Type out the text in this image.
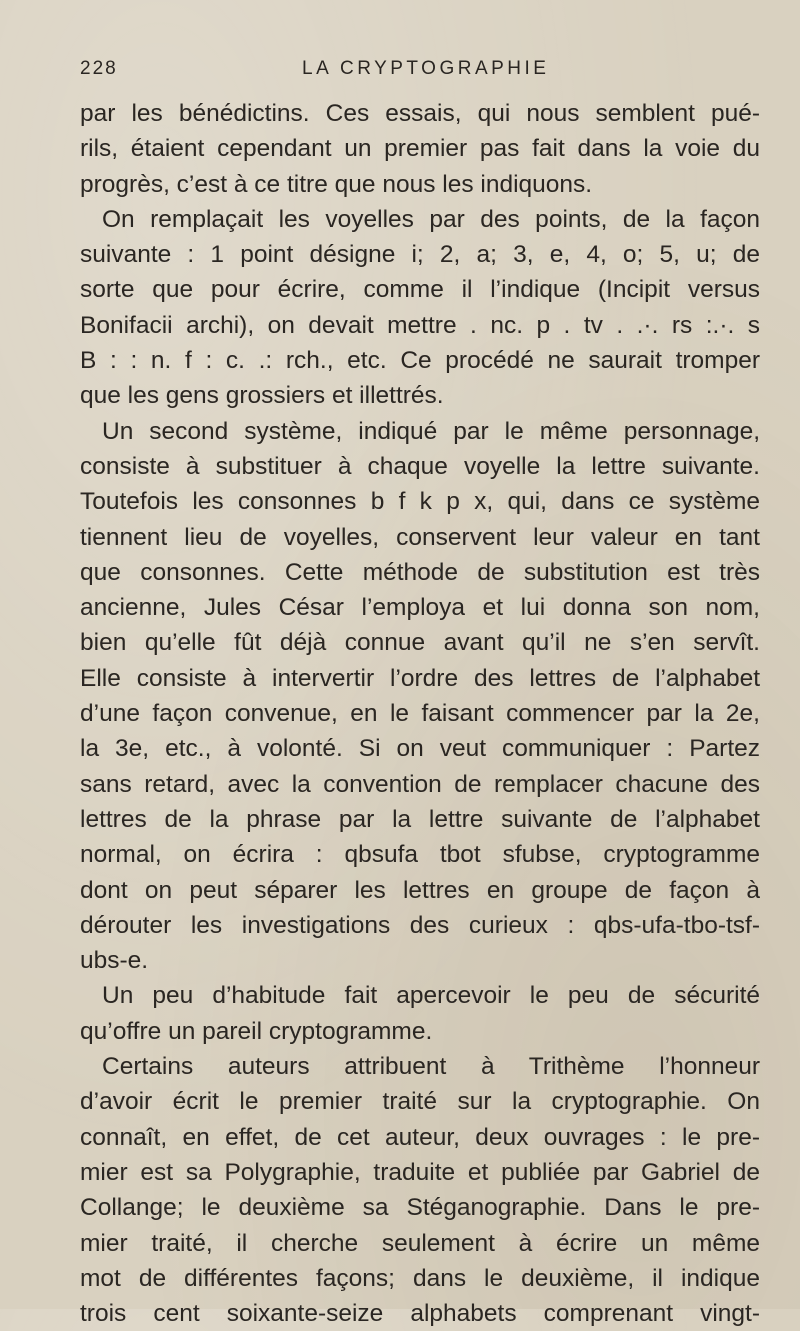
228	LA CRYPTOGRAPHIE
par les bénédictins. Ces essais, qui nous semblent pué-
rils, étaient cependant un premier pas fait dans la voie du
progrès, c’est à ce titre que nous les indiquons.
On remplaçait les voyelles par des points, de la façon
suivante : 1 point désigne i; 2, a; 3, e, 4, o; 5, u; de
sorte que pour écrire, comme il l’indique (Incipit versus
Bonifacii archi), on devait mettre . nc. p . tv . .·. rs :.·. s
B : : n. f : c. .: rch., etc. Ce procédé ne saurait tromper
que les gens grossiers et illettrés.
Un second système, indiqué par le même personnage,
consiste à substituer à chaque voyelle la lettre suivante.
Toutefois les consonnes b f k p x, qui, dans ce système
tiennent lieu de voyelles, conservent leur valeur en tant
que consonnes. Cette méthode de substitution est très
ancienne, Jules César l’employa et lui donna son nom,
bien qu’elle fût déjà connue avant qu’il ne s’en servît.
Elle consiste à intervertir l’ordre des lettres de l’alphabet
d’une façon convenue, en le faisant commencer par la 2e,
la 3e, etc., à volonté. Si on veut communiquer : Partez
sans retard, avec la convention de remplacer chacune des
lettres de la phrase par la lettre suivante de l’alphabet
normal, on écrira : qbsufa tbot sfubse, cryptogramme
dont on peut séparer les lettres en groupe de façon à
dérouter les investigations des curieux : qbs-ufa-tbo-tsf-
ubs-e.
Un peu d’habitude fait apercevoir le peu de sécurité
qu’offre un pareil cryptogramme.
Certains auteurs attribuent à Trithème l’honneur
d’avoir écrit le premier traité sur la cryptographie. On
connaît, en effet, de cet auteur, deux ouvrages : le pre-
mier est sa Polygraphie, traduite et publiée par Gabriel de
Collange; le deuxième sa Stéganographie. Dans le pre-
mier traité, il cherche seulement à écrire un même
mot de différentes façons; dans le deuxième, il indique
trois cent soixante-seize alphabets comprenant vingt-
